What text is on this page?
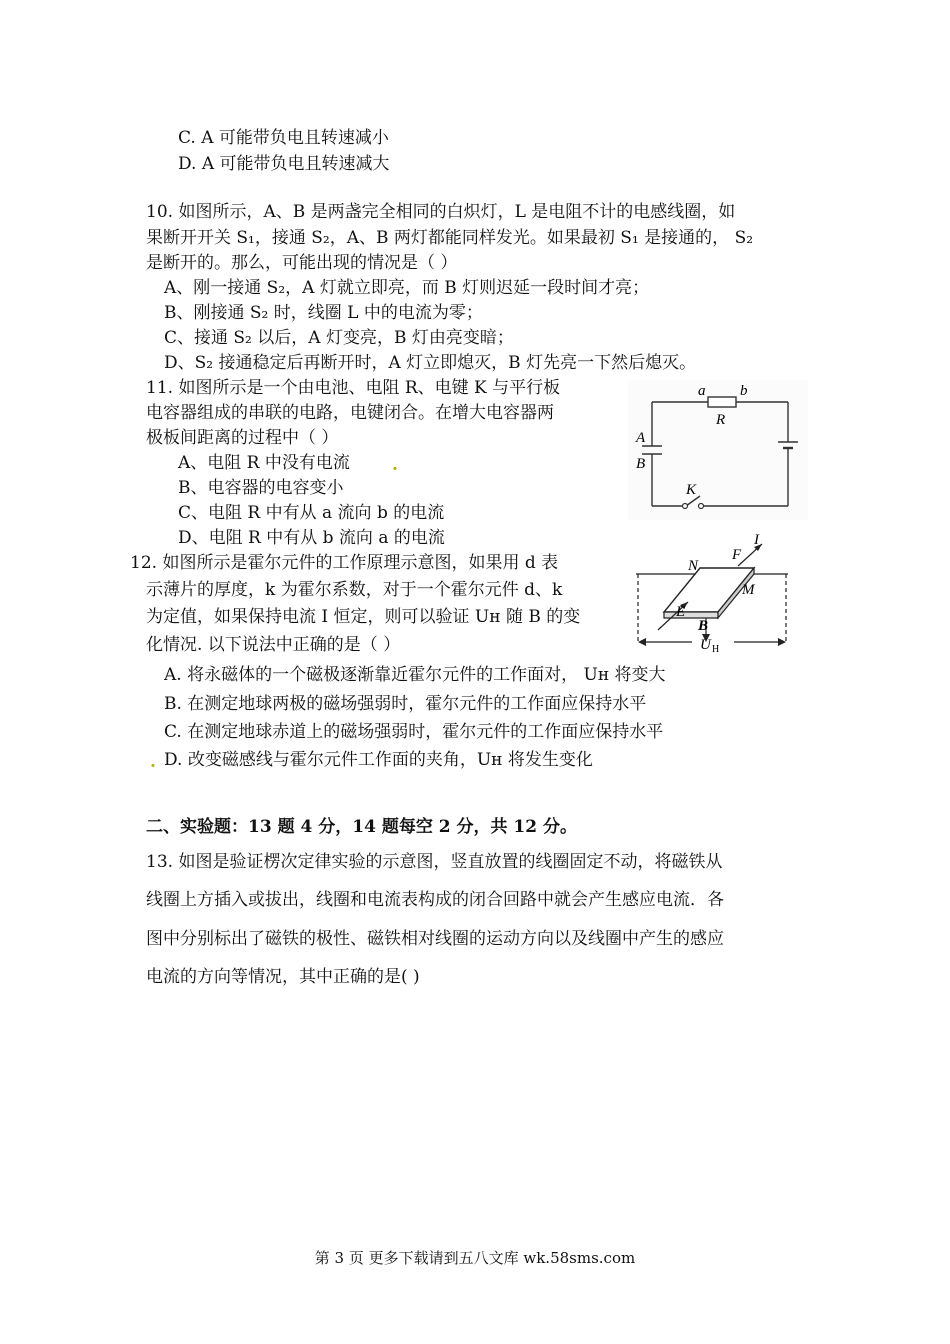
C. A 可能带负电且转速减小
D. A 可能带负电且转速减大
10. 如图所示，A、B 是两盏完全相同的白炽灯，L 是电阻不计的电感线圈，如
果断开开关 S₁，接通 S₂，A、B 两灯都能同样发光。如果最初 S₁ 是接通的， S₂
是断开的。那么，可能出现的情况是（ ）
A、刚一接通 S₂，A 灯就立即亮，而 B 灯则迟延一段时间才亮；
B、刚接通 S₂ 时，线圈 L 中的电流为零；
C、接通 S₂ 以后，A 灯变亮，B 灯由亮变暗；
D、S₂ 接通稳定后再断开时，A 灯立即熄灭，B 灯先亮一下然后熄灭。
11. 如图所示是一个由电池、电阻 R、电键 K 与平行板
电容器组成的串联的电路，电键闭合。在增大电容器两
极板间距离的过程中（ ）
A、电阻 R 中没有电流 .
B、电容器的电容变小
C、电阻 R 中有从 a 流向 b 的电流
D、电阻 R 中有从 b 流向 a 的电流
a b
R
A
B
K
12. 如图所示是霍尔元件的工作原理示意图，如果用 d 表
示薄片的厚度，k 为霍尔系数，对于一个霍尔元件 d、k
为定值，如果保持电流 I 恒定，则可以验证 Uн 随 B 的变
化情况. 以下说法中正确的是（ ）
A. 将永磁体的一个磁极逐渐靠近霍尔元件的工作面对， Uн 将变大
B. 在测定地球两极的磁场强弱时，霍尔元件的工作面应保持水平
C. 在测定地球赤道上的磁场强弱时，霍尔元件的工作面应保持水平
. D. 改变磁感线与霍尔元件工作面的夹角，Uн 将发生变化
N
F
I
M
E
B
U H
二、实验题：13 题 4 分，14 题每空 2 分，共 12 分。
13. 如图是验证楞次定律实验的示意图，竖直放置的线圈固定不动，将磁铁从
线圈上方插入或拔出，线圈和电流表构成的闭合回路中就会产生感应电流．各
图中分别标出了磁铁的极性、磁铁相对线圈的运动方向以及线圈中产生的感应
电流的方向等情况，其中正确的是( )
第 3 页 更多下载请到五八文库 wk.58sms.com
